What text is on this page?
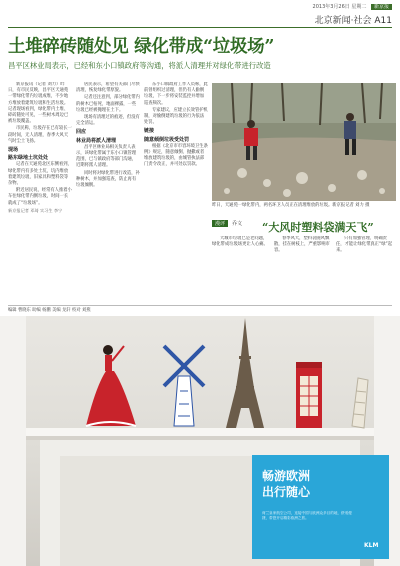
2013年3月26日 星期二 新京报
北京新闻·社会 A11
土堆碎砖随处见 绿化带成“垃圾场”
昌平区林业局表示，已经和东小口镇政府等沟通，将派人清理并对绿化带进行改造

新京报讯（记者 刘力）昨日，有市民反映，昌平区天通苑一带绿化带内垃圾成堆，不少地方堆放着建筑垃圾和生活垃圾。记者现场看到，绿化带内土堆、碎砖随处可见，一些树木周边已被垃圾覆盖。

市民称，垃圾存在已有较长一段时间，无人清理，春季大风天气时尘土飞扬。

现场
路东绿地土坑处处

记者在天通苑北区东侧看到，绿化带内有多处土坑，坑内堆放着建筑垃圾、旧家具和塑料袋等杂物。

附近居民说，经常有人推着小车往绿化带内倒垃圾，时间一长就成了“垃圾场”。

新京报记者 邓琦 实习生 李宁

居民表示，希望有关部门尽快清理，恢复绿化带原貌。

记者还注意到，部分绿化带内的树木已枯死，地面裸露，一些垃圾已经被掩埋在土下。

现场有清理过的痕迹，但没有完全清运。

回应
林业局将派人清理

昌平区林业局相关负责人表示，该绿化带属于东小口镇管理范围，已与镇政府等部门沟通，近期将派人清理。

同时将对绿化带进行改造，补种树木，并加强巡查，防止再有垃圾倾倒。

东小口镇政府工作人员称，此前曾组织过清理，但仍有人偷倒垃圾，下一步将安装监控并增加巡查频次。

专家建议，应建立长效管护机制，对偷倒建筑垃圾的行为依法处罚。

链接
随意倾倒垃圾受处罚

根据《北京市市容环境卫生条例》规定，随意倾倒、抛撒或者堆放建筑垃圾的，由城管执法部门责令改正，并可处以罚款。

昨日，天通苑一绿化带内，两名环卫人员正在清理堆放的垃圾。新京报记者 刘力 摄
漫评	乔文 “大风时塑料袋满天飞”

大城市垃圾已是老问题，绿化带成垃圾场更让人心痛。

春季风大，塑料袋随风飘散，挂在树枝上，严重影响市容。

只有加强管理、明确责任，才能让绿化带真正“绿”起来。

编辑 曹晓东 助编 杨鹏 美编 龙轩 校对 刘燕
畅游欧洲
出行随心
荷兰皇家航空公司，连接中国与欧洲众多目的地，舒适便捷，带您开启精彩欧洲之旅。
KLM
